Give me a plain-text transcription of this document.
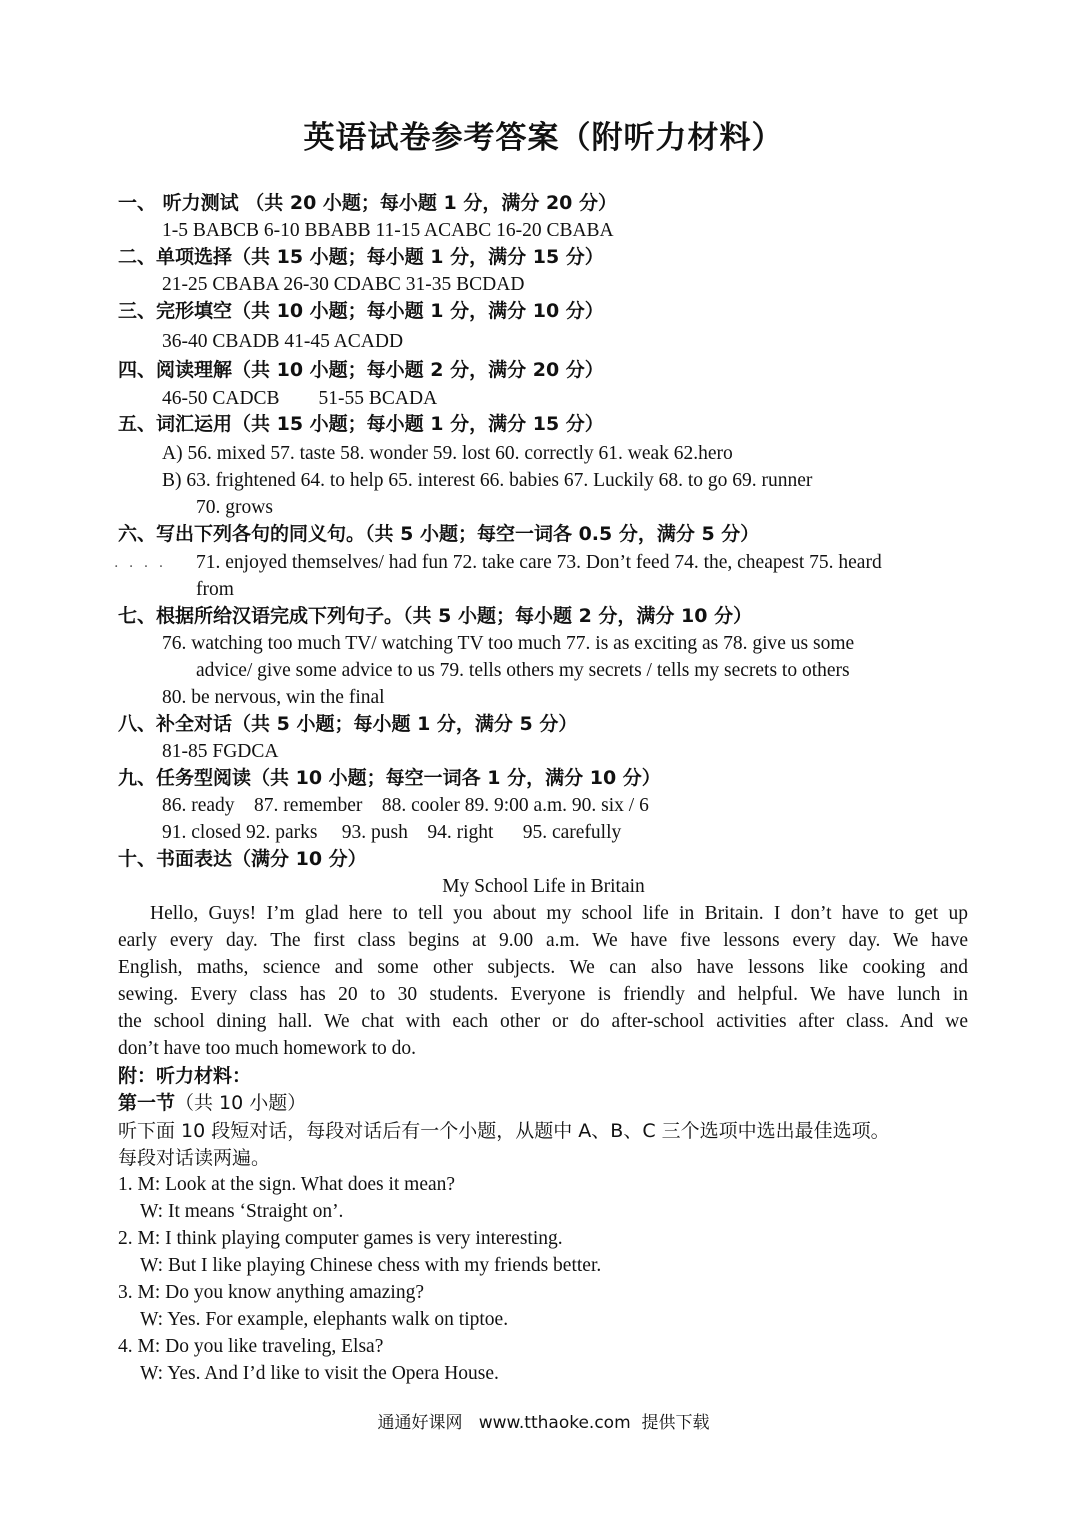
英语试卷参考答案（附听力材料）
一、 听力测试 （共 20 小题；每小题 1 分，满分 20 分）
1-5 BABCB 6-10 BBABB 11-15 ACABC 16-20 CBABA
二、单项选择（共 15 小题；每小题 1 分，满分 15 分）
21-25 CBABA 26-30 CDABC 31-35 BCDAD
三、完形填空（共 10 小题；每小题 1 分，满分 10 分）
36-40 CBADB 41-45 ACADD
四、阅读理解（共 10 小题；每小题 2 分，满分 20 分）
46-50 CADCB        51-55 BCADA
五、词汇运用（共 15 小题；每小题 1 分，满分 15 分）
A) 56. mixed 57. taste 58. wonder 59. lost 60. correctly 61. weak 62.hero
B) 63. frightened 64. to help 65. interest 66. babies 67. Luckily 68. to go 69. runner
70. grows
六、写出下列各句的同义句。（共 5 小题；每空一词各 0.5 分，满分 5 分）
. . . . 71. enjoyed themselves/ had fun 72. take care 73. Don’t feed 74. the, cheapest 75. heard
from
七、根据所给汉语完成下列句子。（共 5 小题；每小题 2 分，满分 10 分）
76. watching too much TV/ watching TV too much 77. is as exciting as 78. give us some
advice/ give some advice to us 79. tells others my secrets / tells my secrets to others
80. be nervous, win the final
八、补全对话（共 5 小题；每小题 1 分，满分 5 分）
81-85 FGDCA
九、任务型阅读（共 10 小题；每空一词各 1 分，满分 10 分）
86. ready    87. remember    88. cooler 89. 9:00 a.m. 90. six / 6
91. closed 92. parks     93. push    94. right      95. carefully
十、书面表达（满分 10 分）
My School Life in Britain
Hello, Guys! I’m glad here to tell you about my school life in Britain. I don’t have to get up
early every day. The first class begins at 9.00 a.m. We have five lessons every day. We have
English, maths, science and some other subjects. We can also have lessons like cooking and
sewing. Every class has 20 to 30 students. Everyone is friendly and helpful. We have lunch in
the school dining hall. We chat with each other or do after-school activities after class. And we
don’t have too much homework to do.
附：听力材料：
第一节（共 10 小题）
听下面 10 段短对话，每段对话后有一个小题，从题中 A、B、C 三个选项中选出最佳选项。
每段对话读两遍。
1. M: Look at the sign. What does it mean?
W: It means ‘Straight on’.
2. M: I think playing computer games is very interesting.
W: But I like playing Chinese chess with my friends better.
3. M: Do you know anything amazing?
W: Yes. For example, elephants walk on tiptoe.
4. M: Do you like traveling, Elsa?
W: Yes. And I’d like to visit the Opera House.
通通好课网   www.tthaoke.com  提供下载
